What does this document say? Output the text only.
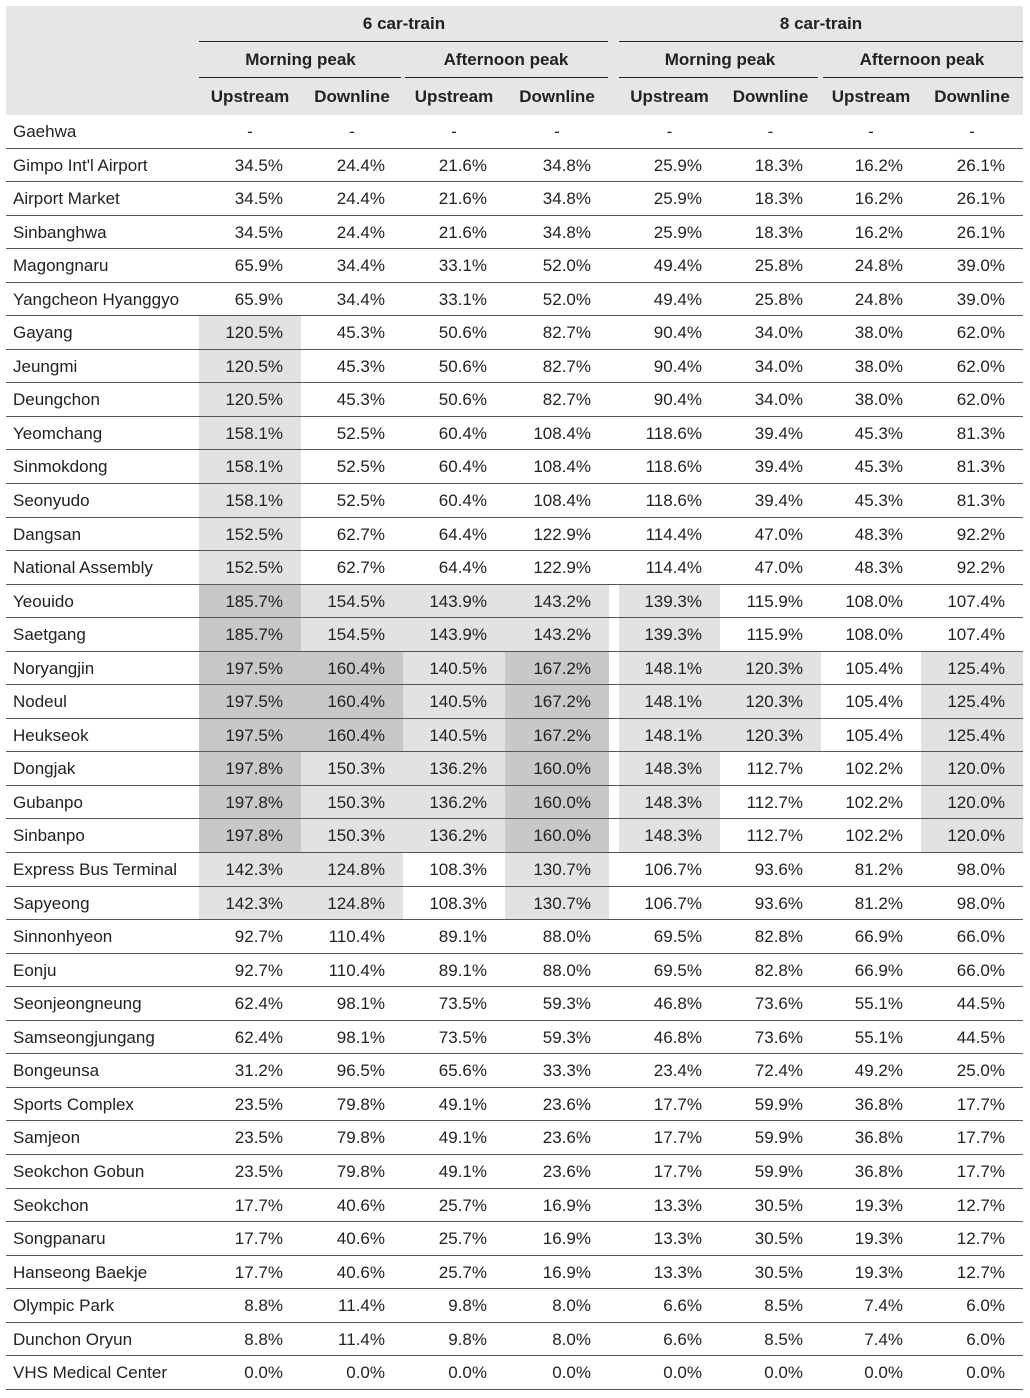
6 car-train	8 car-train
Morning peak	Afternoon peak	Morning peak	Afternoon peak
Upstream	Downline	Upstream	Downline	Upstream	Downline	Upstream	Downline
Gaehwa	-	-	-	-	-	-	-	-
Gimpo Int'l Airport	34.5%	24.4%	21.6%	34.8%	25.9%	18.3%	16.2%	26.1%
Airport Market	34.5%	24.4%	21.6%	34.8%	25.9%	18.3%	16.2%	26.1%
Sinbanghwa	34.5%	24.4%	21.6%	34.8%	25.9%	18.3%	16.2%	26.1%
Magongnaru	65.9%	34.4%	33.1%	52.0%	49.4%	25.8%	24.8%	39.0%
Yangcheon Hyanggyo	65.9%	34.4%	33.1%	52.0%	49.4%	25.8%	24.8%	39.0%
Gayang	120.5%	45.3%	50.6%	82.7%	90.4%	34.0%	38.0%	62.0%
Jeungmi	120.5%	45.3%	50.6%	82.7%	90.4%	34.0%	38.0%	62.0%
Deungchon	120.5%	45.3%	50.6%	82.7%	90.4%	34.0%	38.0%	62.0%
Yeomchang	158.1%	52.5%	60.4%	108.4%	118.6%	39.4%	45.3%	81.3%
Sinmokdong	158.1%	52.5%	60.4%	108.4%	118.6%	39.4%	45.3%	81.3%
Seonyudo	158.1%	52.5%	60.4%	108.4%	118.6%	39.4%	45.3%	81.3%
Dangsan	152.5%	62.7%	64.4%	122.9%	114.4%	47.0%	48.3%	92.2%
National Assembly	152.5%	62.7%	64.4%	122.9%	114.4%	47.0%	48.3%	92.2%
Yeouido	185.7%	154.5%	143.9%	143.2%	139.3%	115.9%	108.0%	107.4%
Saetgang	185.7%	154.5%	143.9%	143.2%	139.3%	115.9%	108.0%	107.4%
Noryangjin	197.5%	160.4%	140.5%	167.2%	148.1%	120.3%	105.4%	125.4%
Nodeul	197.5%	160.4%	140.5%	167.2%	148.1%	120.3%	105.4%	125.4%
Heukseok	197.5%	160.4%	140.5%	167.2%	148.1%	120.3%	105.4%	125.4%
Dongjak	197.8%	150.3%	136.2%	160.0%	148.3%	112.7%	102.2%	120.0%
Gubanpo	197.8%	150.3%	136.2%	160.0%	148.3%	112.7%	102.2%	120.0%
Sinbanpo	197.8%	150.3%	136.2%	160.0%	148.3%	112.7%	102.2%	120.0%
Express Bus Terminal	142.3%	124.8%	108.3%	130.7%	106.7%	93.6%	81.2%	98.0%
Sapyeong	142.3%	124.8%	108.3%	130.7%	106.7%	93.6%	81.2%	98.0%
Sinnonhyeon	92.7%	110.4%	89.1%	88.0%	69.5%	82.8%	66.9%	66.0%
Eonju	92.7%	110.4%	89.1%	88.0%	69.5%	82.8%	66.9%	66.0%
Seonjeongneung	62.4%	98.1%	73.5%	59.3%	46.8%	73.6%	55.1%	44.5%
Samseongjungang	62.4%	98.1%	73.5%	59.3%	46.8%	73.6%	55.1%	44.5%
Bongeunsa	31.2%	96.5%	65.6%	33.3%	23.4%	72.4%	49.2%	25.0%
Sports Complex	23.5%	79.8%	49.1%	23.6%	17.7%	59.9%	36.8%	17.7%
Samjeon	23.5%	79.8%	49.1%	23.6%	17.7%	59.9%	36.8%	17.7%
Seokchon Gobun	23.5%	79.8%	49.1%	23.6%	17.7%	59.9%	36.8%	17.7%
Seokchon	17.7%	40.6%	25.7%	16.9%	13.3%	30.5%	19.3%	12.7%
Songpanaru	17.7%	40.6%	25.7%	16.9%	13.3%	30.5%	19.3%	12.7%
Hanseong Baekje	17.7%	40.6%	25.7%	16.9%	13.3%	30.5%	19.3%	12.7%
Olympic Park	8.8%	11.4%	9.8%	8.0%	6.6%	8.5%	7.4%	6.0%
Dunchon Oryun	8.8%	11.4%	9.8%	8.0%	6.6%	8.5%	7.4%	6.0%
VHS Medical Center	0.0%	0.0%	0.0%	0.0%	0.0%	0.0%	0.0%	0.0%
